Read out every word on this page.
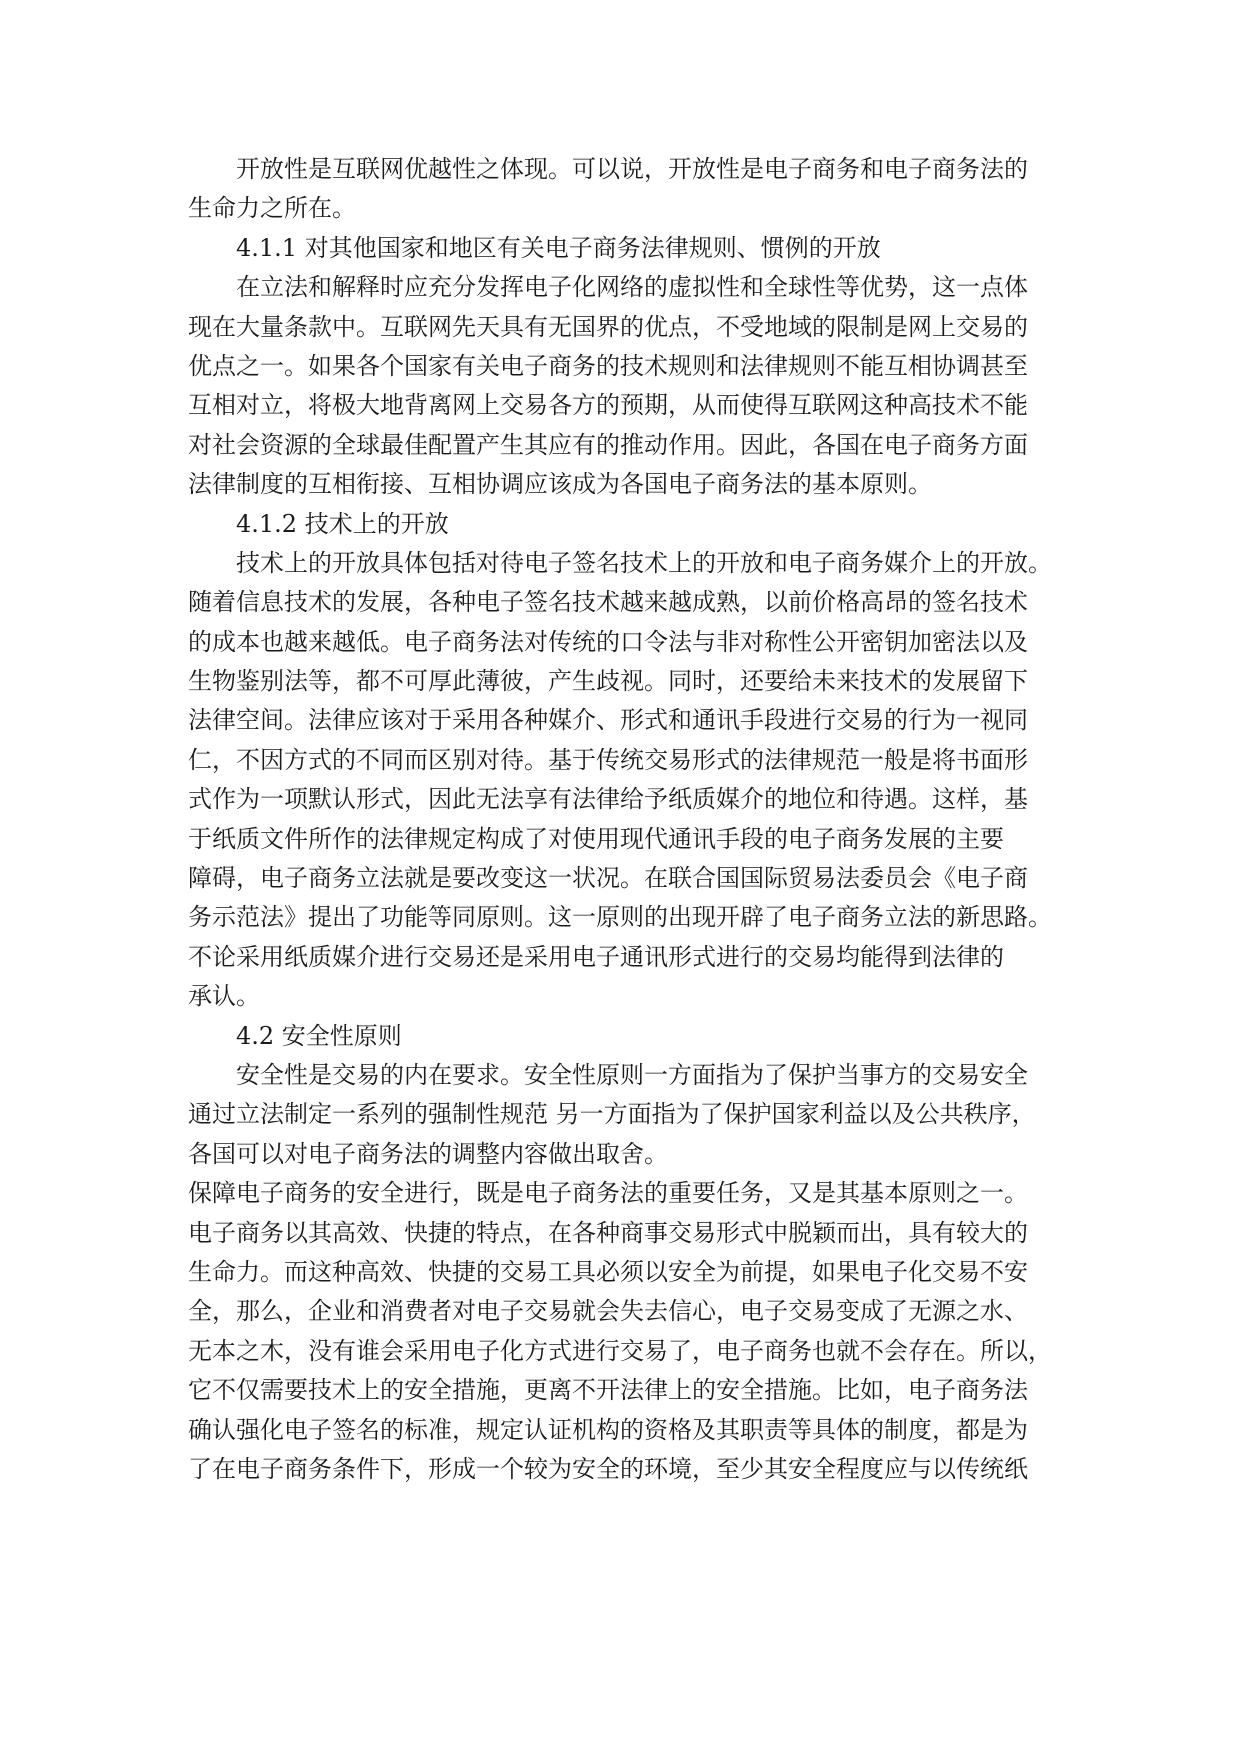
开放性是互联网优越性之体现。可以说，开放性是电子商务和电子商务法的
生命力之所在。
4.1.1 对其他国家和地区有关电子商务法律规则、惯例的开放
在立法和解释时应充分发挥电子化网络的虚拟性和全球性等优势，这一点体
现在大量条款中。互联网先天具有无国界的优点，不受地域的限制是网上交易的
优点之一。如果各个国家有关电子商务的技术规则和法律规则不能互相协调甚至
互相对立，将极大地背离网上交易各方的预期，从而使得互联网这种高技术不能
对社会资源的全球最佳配置产生其应有的推动作用。因此，各国在电子商务方面
法律制度的互相衔接、互相协调应该成为各国电子商务法的基本原则。
4.1.2 技术上的开放
技术上的开放具体包括对待电子签名技术上的开放和电子商务媒介上的开放。
随着信息技术的发展，各种电子签名技术越来越成熟，以前价格高昂的签名技术
的成本也越来越低。电子商务法对传统的口令法与非对称性公开密钥加密法以及
生物鉴别法等，都不可厚此薄彼，产生歧视。同时，还要给未来技术的发展留下
法律空间。法律应该对于采用各种媒介、形式和通讯手段进行交易的行为一视同
仁，不因方式的不同而区别对待。基于传统交易形式的法律规范一般是将书面形
式作为一项默认形式，因此无法享有法律给予纸质媒介的地位和待遇。这样，基
于纸质文件所作的法律规定构成了对使用现代通讯手段的电子商务发展的主要
障碍，电子商务立法就是要改变这一状况。在联合国国际贸易法委员会《电子商
务示范法》提出了功能等同原则。这一原则的出现开辟了电子商务立法的新思路。
不论采用纸质媒介进行交易还是采用电子通讯形式进行的交易均能得到法律的
承认。
4.2 安全性原则
安全性是交易的内在要求。安全性原则一方面指为了保护当事方的交易安全
通过立法制定一系列的强制性规范 另一方面指为了保护国家利益以及公共秩序，
各国可以对电子商务法的调整内容做出取舍。
保障电子商务的安全进行，既是电子商务法的重要任务，又是其基本原则之一。
电子商务以其高效、快捷的特点，在各种商事交易形式中脱颖而出，具有较大的
生命力。而这种高效、快捷的交易工具必须以安全为前提，如果电子化交易不安
全，那么，企业和消费者对电子交易就会失去信心，电子交易变成了无源之水、
无本之木，没有谁会采用电子化方式进行交易了，电子商务也就不会存在。所以，
它不仅需要技术上的安全措施，更离不开法律上的安全措施。比如，电子商务法
确认强化电子签名的标准，规定认证机构的资格及其职责等具体的制度，都是为
了在电子商务条件下，形成一个较为安全的环境，至少其安全程度应与以传统纸
